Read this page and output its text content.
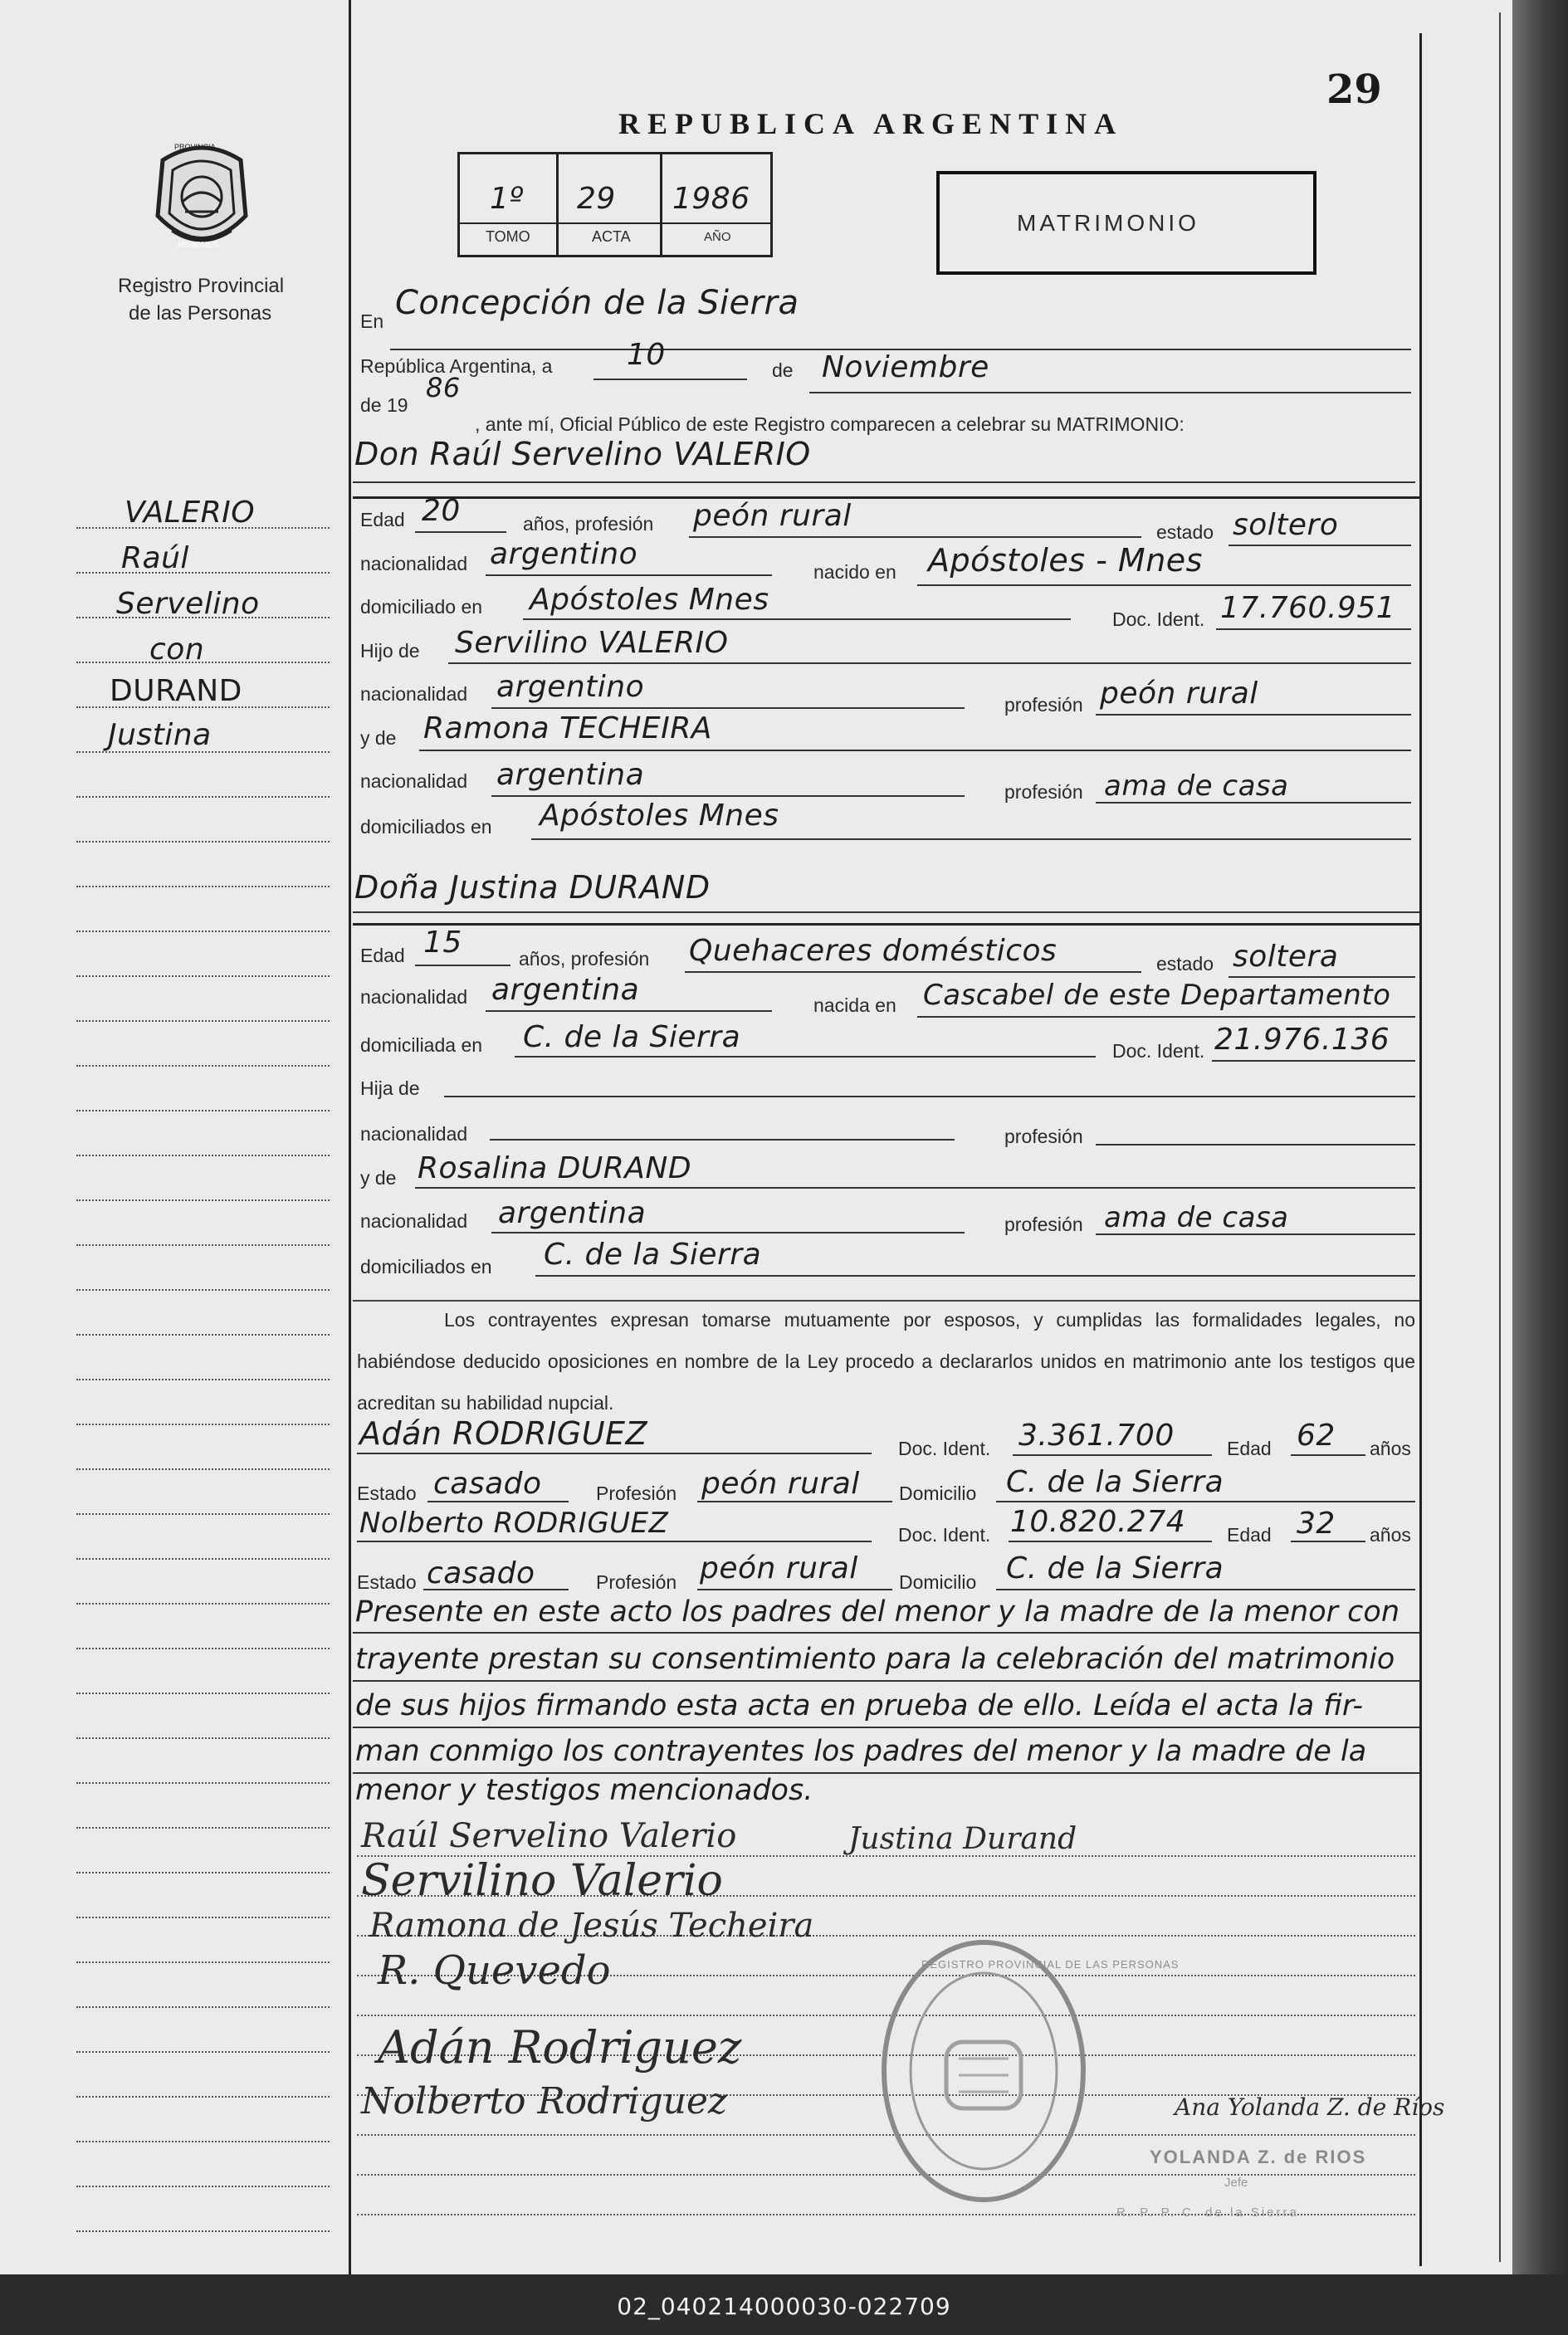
02_040214000030-022709
29
REPUBLICA ARGENTINA
PROVINCIA
MISIONES
Registro Provincial
de las Personas
1º 29 1986
TOMO	ACTA	AÑO
MATRIMONIO
VALERIO
Raúl
Servelino
con
DURAND
Justina
En Concepción de la Sierra
República Argentina, a 10	de Noviembre
de 19
86
, ante mí, Oficial Público de este Registro comparecen a celebrar su MATRIMONIO:
Don Raúl Servelino VALERIO
Edad 20	años, profesión peón rural	estado soltero
nacionalidad argentino
nacido en Apóstoles - Mnes
domiciliado en Apóstoles Mnes
Doc. Ident. 17.760.951
Hijo de Servilino VALERIO
nacionalidad argentino
profesión peón rural
y de Ramona TECHEIRA
nacionalidad argentina	profesión ama de casa
domiciliados en Apóstoles Mnes
Doña Justina DURAND
Edad 15	años, profesión Quehaceres domésticos	estado soltera
nacionalidad argentina	nacida en Cascabel de este Departamento
domiciliada en C. de la Sierra	Doc. Ident. 21.976.136
Hija de
nacionalidad	profesión
y de Rosalina DURAND
nacionalidad argentina	profesión ama de casa
domiciliados en C. de la Sierra
Los contrayentes expresan tomarse mutuamente por esposos, y cumplidas las formalidades legales, no habiéndose deducido oposiciones en nombre de la Ley procedo a declararlos unidos en matrimonio ante los testigos que acreditan su habilidad nupcial.
Adán RODRIGUEZ	Doc. Ident. 3.361.700	Edad 62 años
Estado casado	Profesión peón rural Domicilio C. de la Sierra
Nolberto RODRIGUEZ	Doc. Ident. 10.820.274 Edad 32 años
Estado casado	Profesión peón rural Domicilio C. de la Sierra
Presente en este acto los padres del menor y la madre de la menor con
trayente prestan su consentimiento para la celebración del matrimonio
de sus hijos firmando esta acta en prueba de ello. Leída el acta la fir-
man conmigo los contrayentes los padres del menor y la madre de la
menor y testigos mencionados.
Raúl Servelino Valerio	Justina Durand
Servilino Valerio
Ramona de Jesús Techeira
R. Quevedo
Adán Rodriguez
Nolberto Rodriguez	Ana Yolanda Z. de Ríos
REGISTRO PROVINCIAL DE LAS PERSONAS
YOLANDA Z. de RIOS
Jefe
R. P. P. C. de la Sierra
